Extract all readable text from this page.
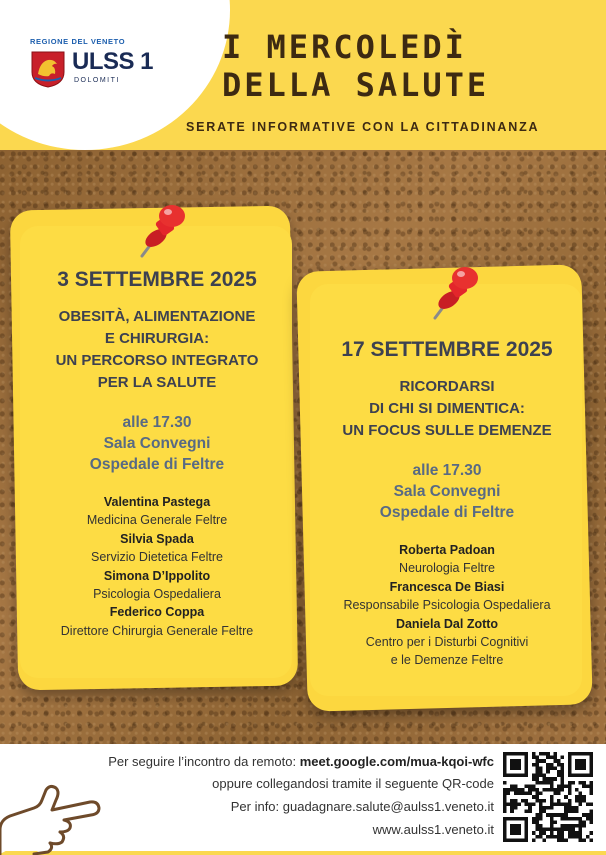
REGIONE DEL VENETO
ULSS 1
DOLOMITI
I MERCOLEDÌ
DELLA SALUTE
SERATE INFORMATIVE CON LA CITTADINANZA
3 SETTEMBRE 2025
OBESITÀ, ALIMENTAZIONE
E CHIRURGIA:
UN PERCORSO INTEGRATO
PER LA SALUTE
alle 17.30
Sala Convegni
Ospedale di Feltre
Valentina Pastega
Medicina Generale Feltre
Silvia Spada
Servizio Dietetica Feltre
Simona D’Ippolito
Psicologia Ospedaliera
Federico Coppa
Direttore Chirurgia Generale Feltre
17 SETTEMBRE 2025
RICORDARSI
DI CHI SI DIMENTICA:
UN FOCUS SULLE DEMENZE
alle 17.30
Sala Convegni
Ospedale di Feltre
Roberta Padoan
Neurologia Feltre
Francesca De Biasi
Responsabile Psicologia Ospedaliera
Daniela Dal Zotto
Centro per i Disturbi Cognitivi
e le Demenze Feltre
Per seguire l’incontro da remoto: meet.google.com/mua-kqoi-wfc
oppure collegandosi tramite il seguente QR-code
Per info: guadagnare.salute@aulss1.veneto.it
www.aulss1.veneto.it
